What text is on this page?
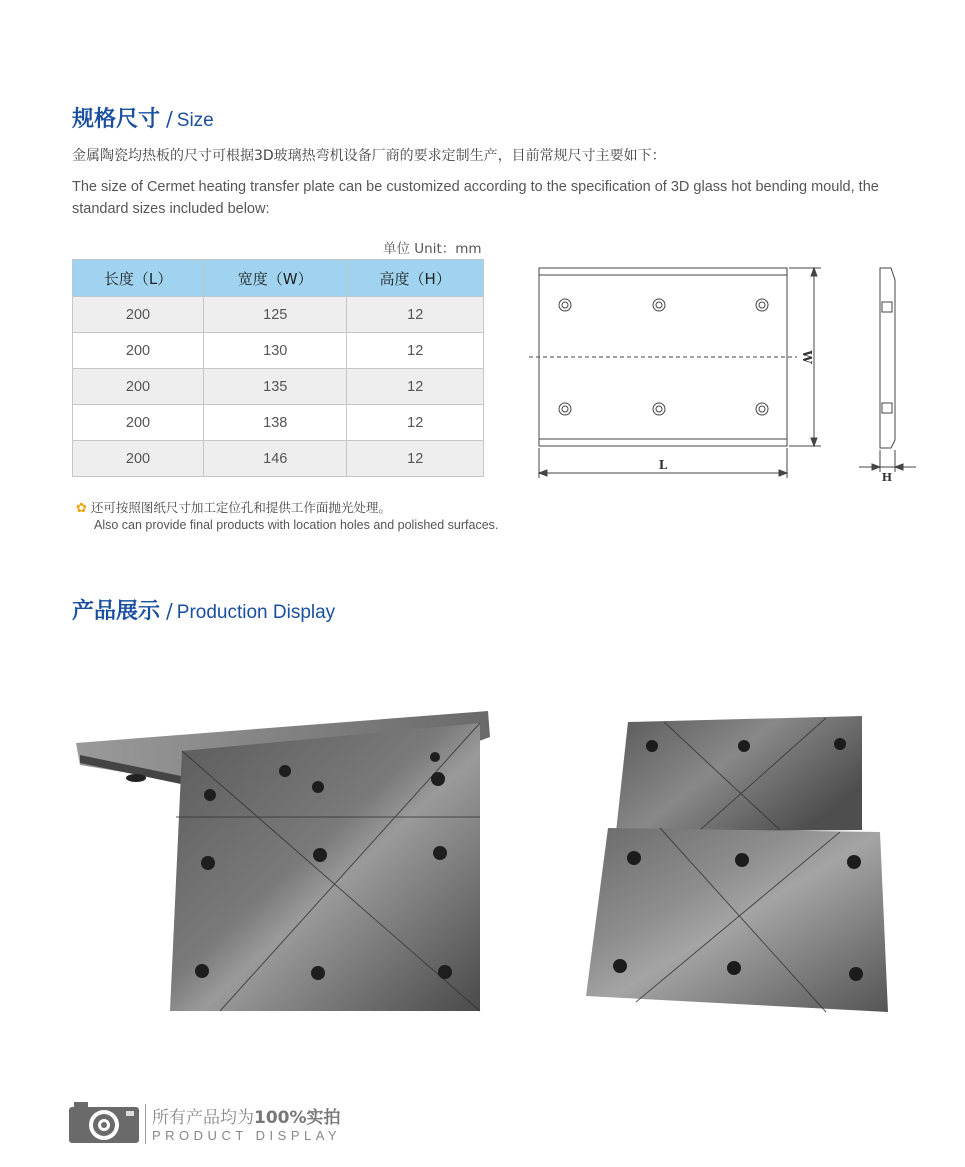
规格尺寸 / Size
金属陶瓷均热板的尺寸可根据3D玻璃热弯机设备厂商的要求定制生产，目前常规尺寸主要如下：
The size of Cermet heating transfer plate can be customized according to the specification of 3D glass hot bending mould, the standard sizes included below:
单位 Unit：mm
长度（L）	宽度（W）	高度（H）
200	125	12
200	130	12
200	135	12
200	138	12
200	146	12
W
L
H
✿ 还可按照图纸尺寸加工定位孔和提供工作面抛光处理。
Also can provide final products with location holes and polished surfaces.
产品展示 / Production Display
所有产品均为100%实拍
PRODUCT DISPLAY
